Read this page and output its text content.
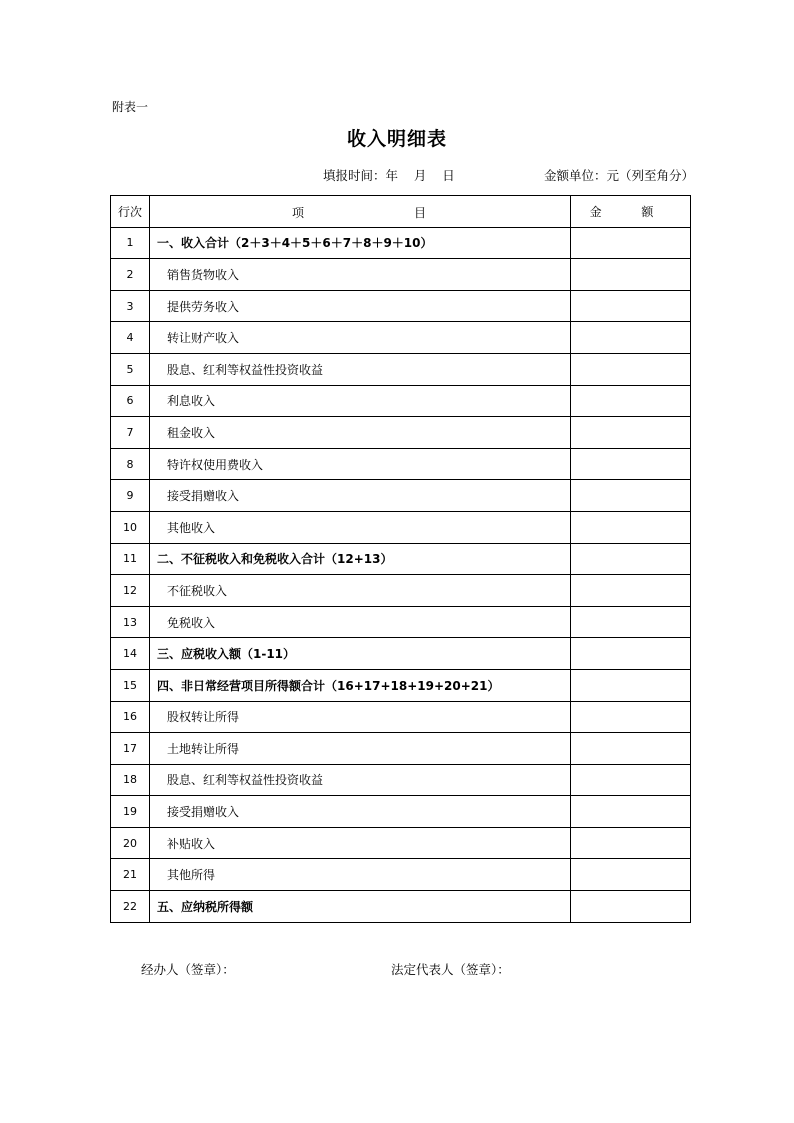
附表一
收入明细表
填报时间：年    月    日	金额单位：元（列至角分）
行次	项 目	金 额
1	一、收入合计（2＋3＋4＋5＋6＋7＋8＋9＋10）	
2	销售货物收入	
3	提供劳务收入	
4	转让财产收入	
5	股息、红利等权益性投资收益	
6	利息收入	
7	租金收入	
8	特许权使用费收入	
9	接受捐赠收入	
10	其他收入	
11	二、不征税收入和免税收入合计（12+13）	
12	不征税收入	
13	免税收入	
14	三、应税收入额（1-11）	
15	四、非日常经营项目所得额合计（16+17+18+19+20+21）	
16	股权转让所得	
17	土地转让所得	
18	股息、红利等权益性投资收益	
19	接受捐赠收入	
20	补贴收入	
21	其他所得	
22	五、应纳税所得额	
经办人（签章）：	法定代表人（签章）：
